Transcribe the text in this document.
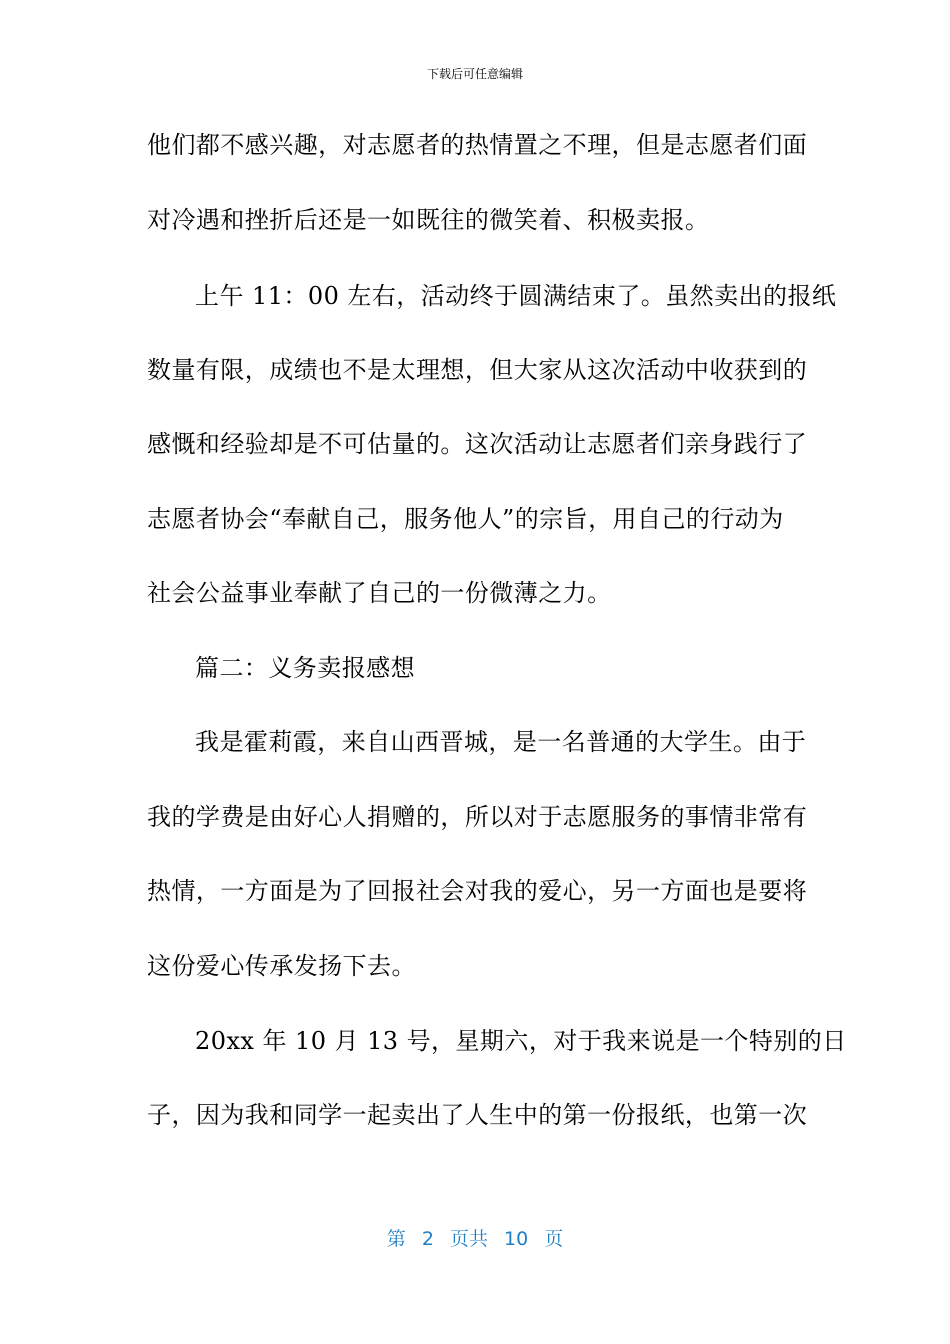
下载后可任意编辑
他们都不感兴趣，对志愿者的热情置之不理，但是志愿者们面
对冷遇和挫折后还是一如既往的微笑着、积极卖报。
上午 11：00 左右，活动终于圆满结束了。虽然卖出的报纸
数量有限，成绩也不是太理想，但大家从这次活动中收获到的
感慨和经验却是不可估量的。这次活动让志愿者们亲身践行了
志愿者协会“奉献自己，服务他人”的宗旨，用自己的行动为
社会公益事业奉献了自己的一份微薄之力。
篇二：义务卖报感想
我是霍莉霞，来自山西晋城，是一名普通的大学生。由于
我的学费是由好心人捐赠的，所以对于志愿服务的事情非常有
热情，一方面是为了回报社会对我的爱心，另一方面也是要将
这份爱心传承发扬下去。
20xx 年 10 月 13 号，星期六，对于我来说是一个特别的日
子，因为我和同学一起卖出了人生中的第一份报纸，也第一次
第 2 页共 10 页
